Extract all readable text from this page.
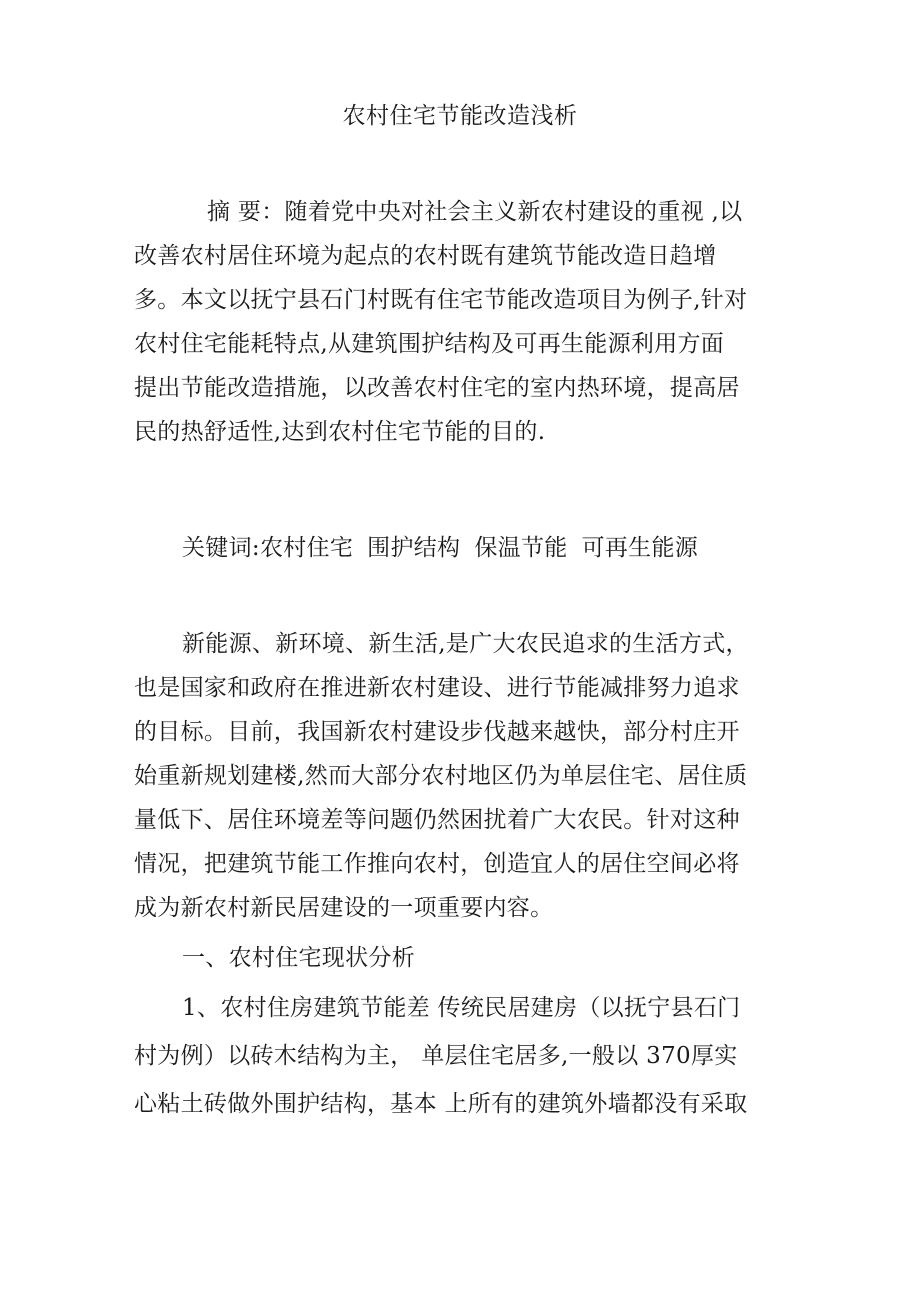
农村住宅节能改造浅析
摘 要：随着党中央对社会主义新农村建设的重视 ,以
改善农村居住环境为起点的农村既有建筑节能改造日趋增
多。本文以抚宁县石门村既有住宅节能改造项目为例子,针对
农村住宅能耗特点,从建筑围护结构及可再生能源利用方面
提出节能改造措施，以改善农村住宅的室内热环境，提高居
民的热舒适性,达到农村住宅节能的目的.
关键词:农村住宅 围护结构 保温节能 可再生能源
新能源、新环境、新生活,是广大农民追求的生活方式，
也是国家和政府在推进新农村建设、进行节能减排努力追求
的目标。目前，我国新农村建设步伐越来越快，部分村庄开
始重新规划建楼,然而大部分农村地区仍为单层住宅、居住质
量低下、居住环境差等问题仍然困扰着广大农民。针对这种
情况，把建筑节能工作推向农村，创造宜人的居住空间必将
成为新农村新民居建设的一项重要内容。
一、农村住宅现状分析
1、农村住房建筑节能差 传统民居建房（以抚宁县石门
村为例）以砖木结构为主， 单层住宅居多,一般以 370厚实
心粘土砖做外围护结构，基本 上所有的建筑外墙都没有采取
